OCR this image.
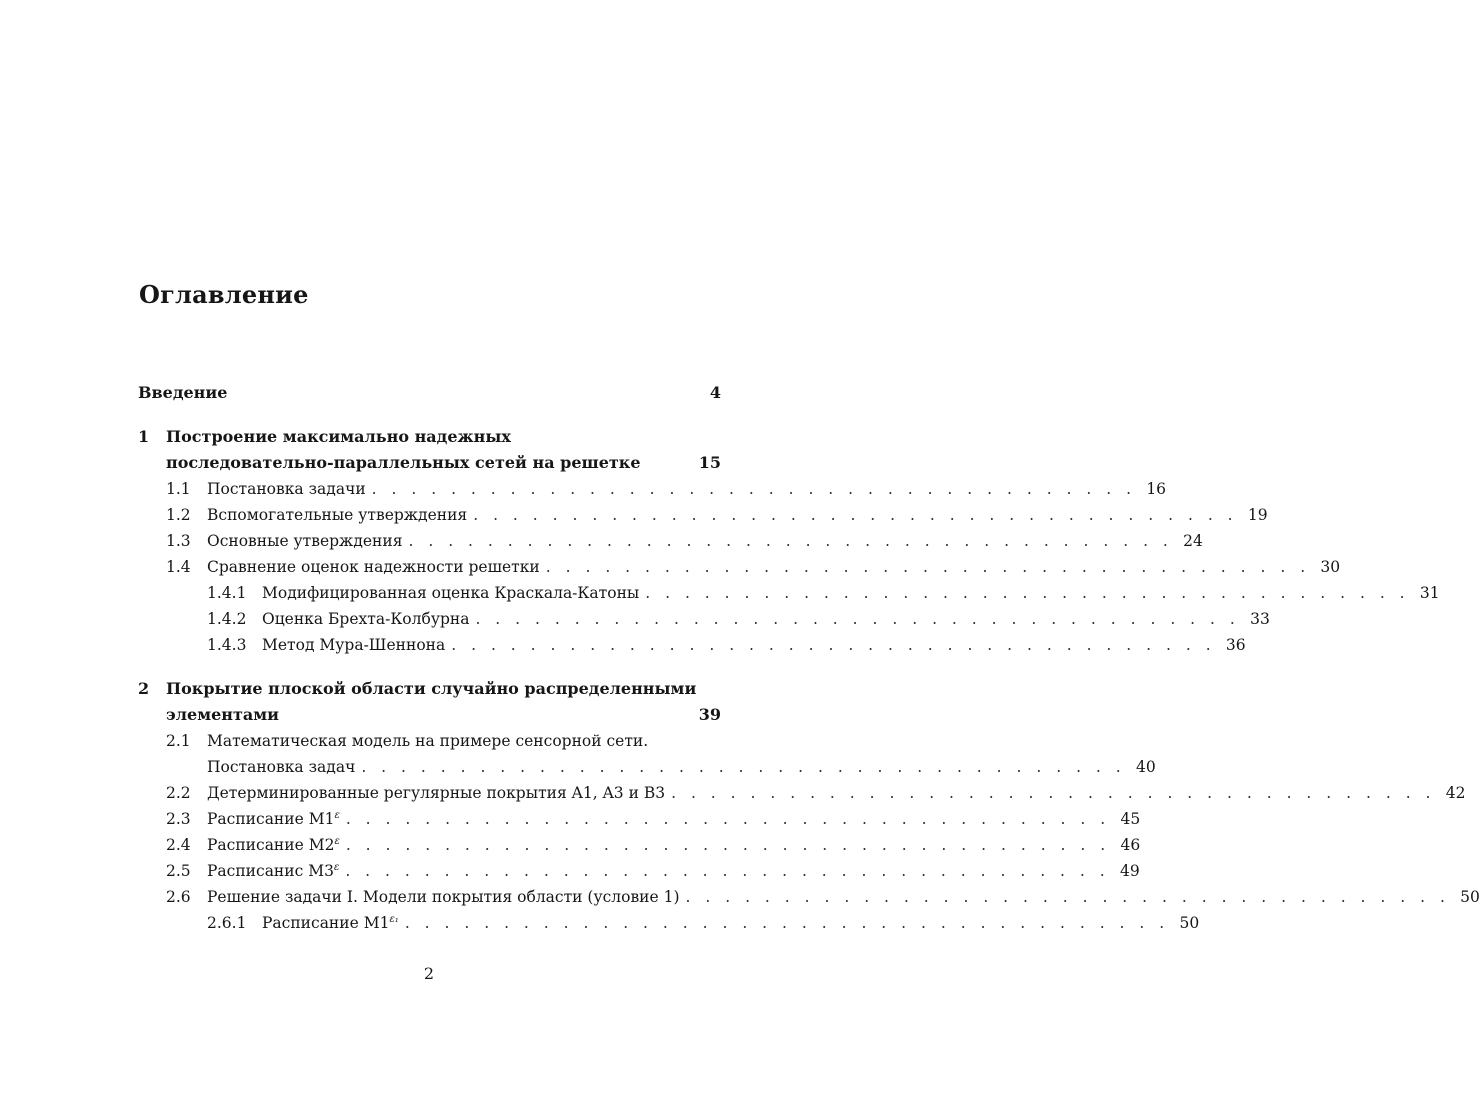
Оглавление
Введение	4
1	Построение максимально надежных
последовательно-параллельных сетей на решетке	15
1.1	Постановка задачи . . . . . . . . . . . . . . . . . . . . . . . . . . . . . . . . . . . . . . . 16
1.2	Вспомогательные утверждения . . . . . . . . . . . . . . . . . . . . . . . . . . . . . . . . . . . . . . . 19
1.3	Основные утверждения . . . . . . . . . . . . . . . . . . . . . . . . . . . . . . . . . . . . . . . 24
1.4	Сравнение оценок надежности решетки . . . . . . . . . . . . . . . . . . . . . . . . . . . . . . . . . . . . . . . 30
1.4.1	Модифицированная оценка Краскала-Катоны . . . . . . . . . . . . . . . . . . . . . . . . . . . . . . . . . . . . . . . 31
1.4.2	Оценка Брехта-Колбурна . . . . . . . . . . . . . . . . . . . . . . . . . . . . . . . . . . . . . . . 33
1.4.3	Метод Мура-Шеннона . . . . . . . . . . . . . . . . . . . . . . . . . . . . . . . . . . . . . . . 36
2	Покрытие плоской области случайно распределенными
элементами	39
2.1	Математическая модель на примере сенсорной сети.
Постановка задач . . . . . . . . . . . . . . . . . . . . . . . . . . . . . . . . . . . . . . . 40
2.2	Детерминированные регулярные покрытия A1, A3 и B3 . . . . . . . . . . . . . . . . . . . . . . . . . . . . . . . . . . . . . . . 42
2.3	Расписание $M1^\varepsilon$ . . . . . . . . . . . . . . . . . . . . . . . . . . . . . . . . . . . . . . . 45
2.4	Расписание $M2^\varepsilon$ . . . . . . . . . . . . . . . . . . . . . . . . . . . . . . . . . . . . . . . 46
2.5	Расписанис $M3^\varepsilon$ . . . . . . . . . . . . . . . . . . . . . . . . . . . . . . . . . . . . . . . 49
2.6	Решение задачи I. Модели покрытия области (условие 1) . . . . . . . . . . . . . . . . . . . . . . . . . . . . . . . . . . . . . . . 50
2.6.1	Расписание $M1^{\varepsilon_1}$ . . . . . . . . . . . . . . . . . . . . . . . . . . . . . . . . . . . . . . . 50
2
